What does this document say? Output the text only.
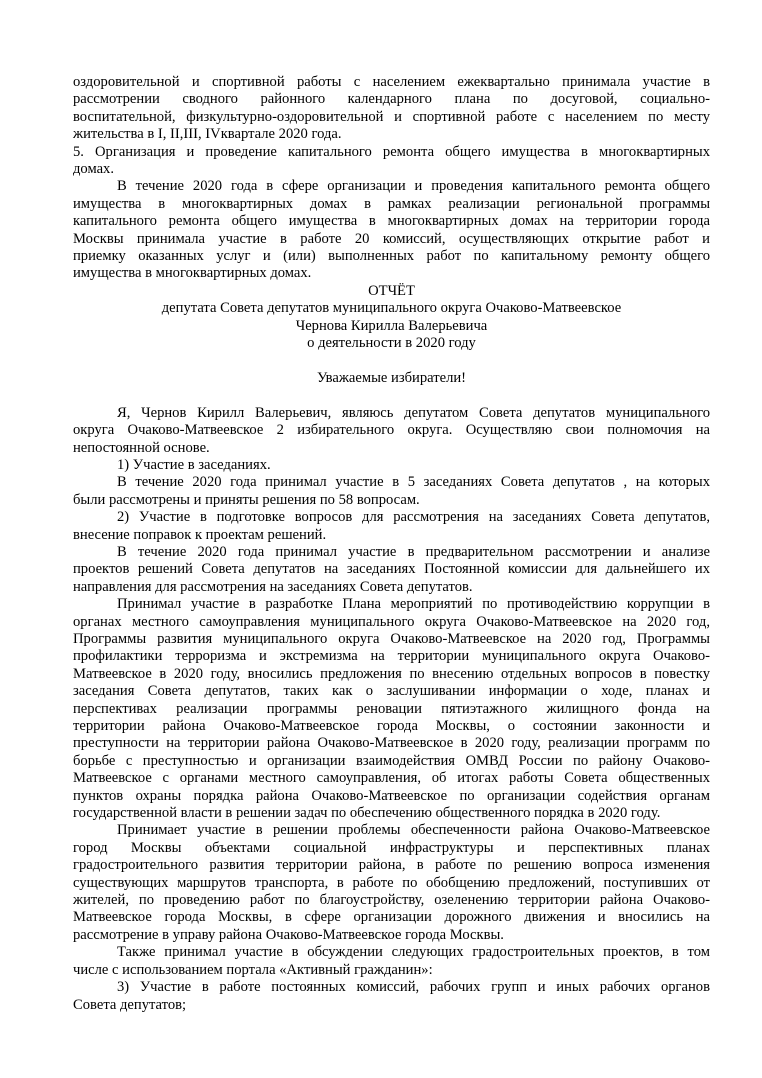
оздоровительной и спортивной работы с населением ежеквартально принимала участие в
рассмотрении сводного районного календарного плана по досуговой, социально-
воспитательной, физкультурно-оздоровительной и спортивной работе с населением по месту
жительства в I, II,III, IVквартале 2020 года.
5. Организация и проведение капитального ремонта общего имущества в многоквартирных
домах.
В течение 2020 года в сфере организации и проведения капитального ремонта общего
имущества в многоквартирных домах в рамках реализации региональной программы
капитального ремонта общего имущества в многоквартирных домах на территории города
Москвы принимала участие в работе 20 комиссий, осуществляющих открытие работ и
приемку оказанных услуг и (или) выполненных работ по капитальному ремонту общего
имущества в многоквартирных домах.
ОТЧЁТ
депутата Совета депутатов муниципального округа Очаково-Матвеевское
Чернова Кирилла Валерьевича
о деятельности в 2020 году
Уважаемые избиратели!
Я, Чернов Кирилл Валерьевич, являюсь депутатом Совета депутатов муниципального
округа Очаково-Матвеевское 2 избирательного округа. Осуществляю свои полномочия на
непостоянной основе.
1) Участие в заседаниях.
В течение 2020 года принимал участие в 5 заседаниях Совета депутатов , на которых
были рассмотрены и приняты решения по 58 вопросам.
2) Участие в подготовке вопросов для рассмотрения на заседаниях Совета депутатов,
внесение поправок к проектам решений.
В течение 2020 года принимал участие в предварительном рассмотрении и анализе
проектов решений Совета депутатов на заседаниях Постоянной комиссии для дальнейшего их
направления для рассмотрения на заседаниях Совета депутатов.
Принимал участие в разработке Плана мероприятий по противодействию коррупции в
органах местного самоуправления муниципального округа Очаково-Матвеевское на 2020 год,
Программы развития муниципального округа Очаково-Матвеевское на 2020 год, Программы
профилактики терроризма и экстремизма на территории муниципального округа Очаково-
Матвеевское в 2020 году, вносились предложения по внесению отдельных вопросов в повестку
заседания Совета депутатов, таких как о заслушивании информации о ходе, планах и
перспективах реализации программы реновации пятиэтажного жилищного фонда на
территории района Очаково-Матвеевское города Москвы, о состоянии законности и
преступности на территории района Очаково-Матвеевское в 2020 году, реализации программ по
борьбе с преступностью и организации взаимодействия ОМВД России по району Очаково-
Матвеевское с органами местного самоуправления, об итогах работы Совета общественных
пунктов охраны порядка района Очаково-Матвеевское по организации содействия органам
государственной власти в решении задач по обеспечению общественного порядка в 2020 году.
Принимает участие в решении проблемы обеспеченности района Очаково-Матвеевское
город Москвы объектами социальной инфраструктуры и перспективных планах
градостроительного развития территории района, в работе по решению вопроса изменения
существующих маршрутов транспорта, в работе по обобщению предложений, поступивших от
жителей, по проведению работ по благоустройству, озеленению территории района Очаково-
Матвеевское города Москвы, в сфере организации дорожного движения и вносились на
рассмотрение в управу района Очаково-Матвеевское города Москвы.
Также принимал участие в обсуждении следующих градостроительных проектов, в том
числе с использованием портала «Активный гражданин»:
3) Участие в работе постоянных комиссий, рабочих групп и иных рабочих органов
Совета депутатов;
